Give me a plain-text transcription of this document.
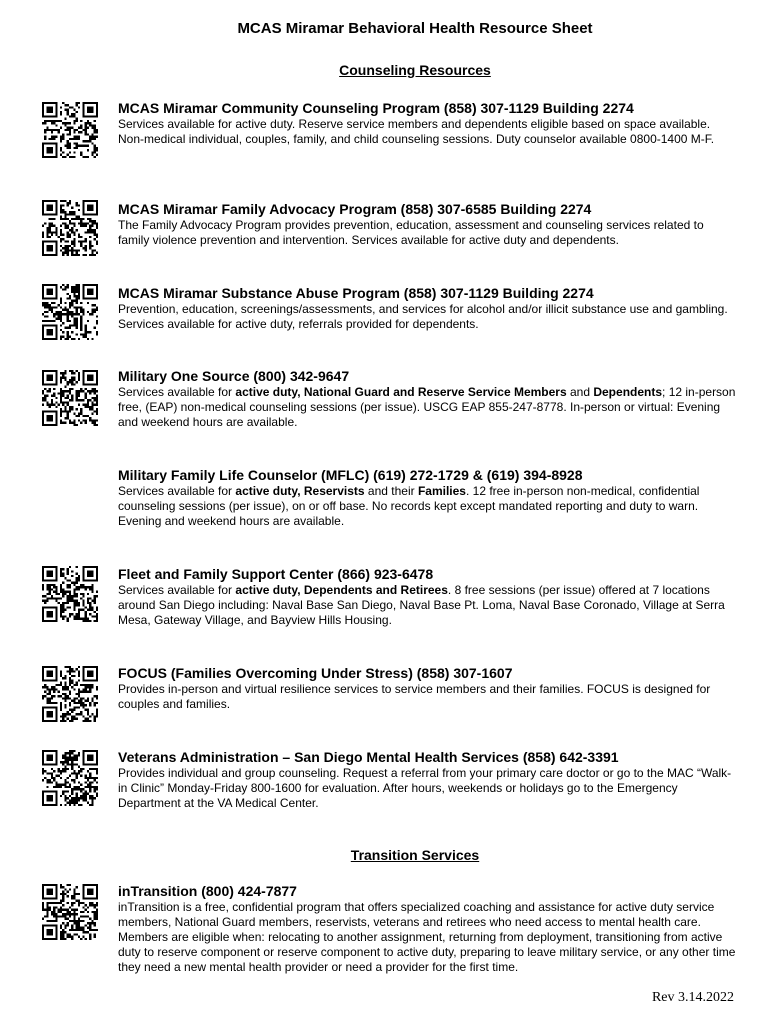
MCAS Miramar Behavioral Health Resource Sheet
Counseling Resources
MCAS Miramar Community Counseling Program (858) 307-1129 Building 2274
Services available for active duty. Reserve service members and dependents eligible based on space available. Non-medical individual, couples, family, and child counseling sessions. Duty counselor available 0800-1400 M-F.
MCAS Miramar Family Advocacy Program (858) 307-6585 Building 2274
The Family Advocacy Program provides prevention, education, assessment and counseling services related to family violence prevention and intervention. Services available for active duty and dependents.
MCAS Miramar Substance Abuse Program (858) 307-1129 Building 2274
Prevention, education, screenings/assessments, and services for alcohol and/or illicit substance use and gambling. Services available for active duty, referrals provided for dependents.
Military One Source (800) 342-9647
Services available for active duty, National Guard and Reserve Service Members and Dependents; 12 in-person free, (EAP) non-medical counseling sessions (per issue). USCG EAP 855-247-8778. In-person or virtual: Evening and weekend hours are available.
Military Family Life Counselor (MFLC) (619) 272-1729 & (619) 394-8928
Services available for active duty, Reservists and their Families. 12 free in-person non-medical, confidential counseling sessions (per issue), on or off base. No records kept except mandated reporting and duty to warn. Evening and weekend hours are available.
Fleet and Family Support Center (866) 923-6478
Services available for active duty, Dependents and Retirees. 8 free sessions (per issue) offered at 7 locations around San Diego including: Naval Base San Diego, Naval Base Pt. Loma, Naval Base Coronado, Village at Serra Mesa, Gateway Village, and Bayview Hills Housing.
FOCUS (Families Overcoming Under Stress) (858) 307-1607
Provides in-person and virtual resilience services to service members and their families. FOCUS is designed for couples and families.
Veterans Administration – San Diego Mental Health Services (858) 642-3391
Provides individual and group counseling. Request a referral from your primary care doctor or go to the MAC “Walk-in Clinic” Monday-Friday 800-1600 for evaluation. After hours, weekends or holidays go to the Emergency Department at the VA Medical Center.
Transition Services
inTransition (800) 424-7877
inTransition is a free, confidential program that offers specialized coaching and assistance for active duty service members, National Guard members, reservists, veterans and retirees who need access to mental health care. Members are eligible when: relocating to another assignment, returning from deployment, transitioning from active duty to reserve component or reserve component to active duty, preparing to leave military service, or any other time they need a new mental health provider or need a provider for the first time.
Rev 3.14.2022
